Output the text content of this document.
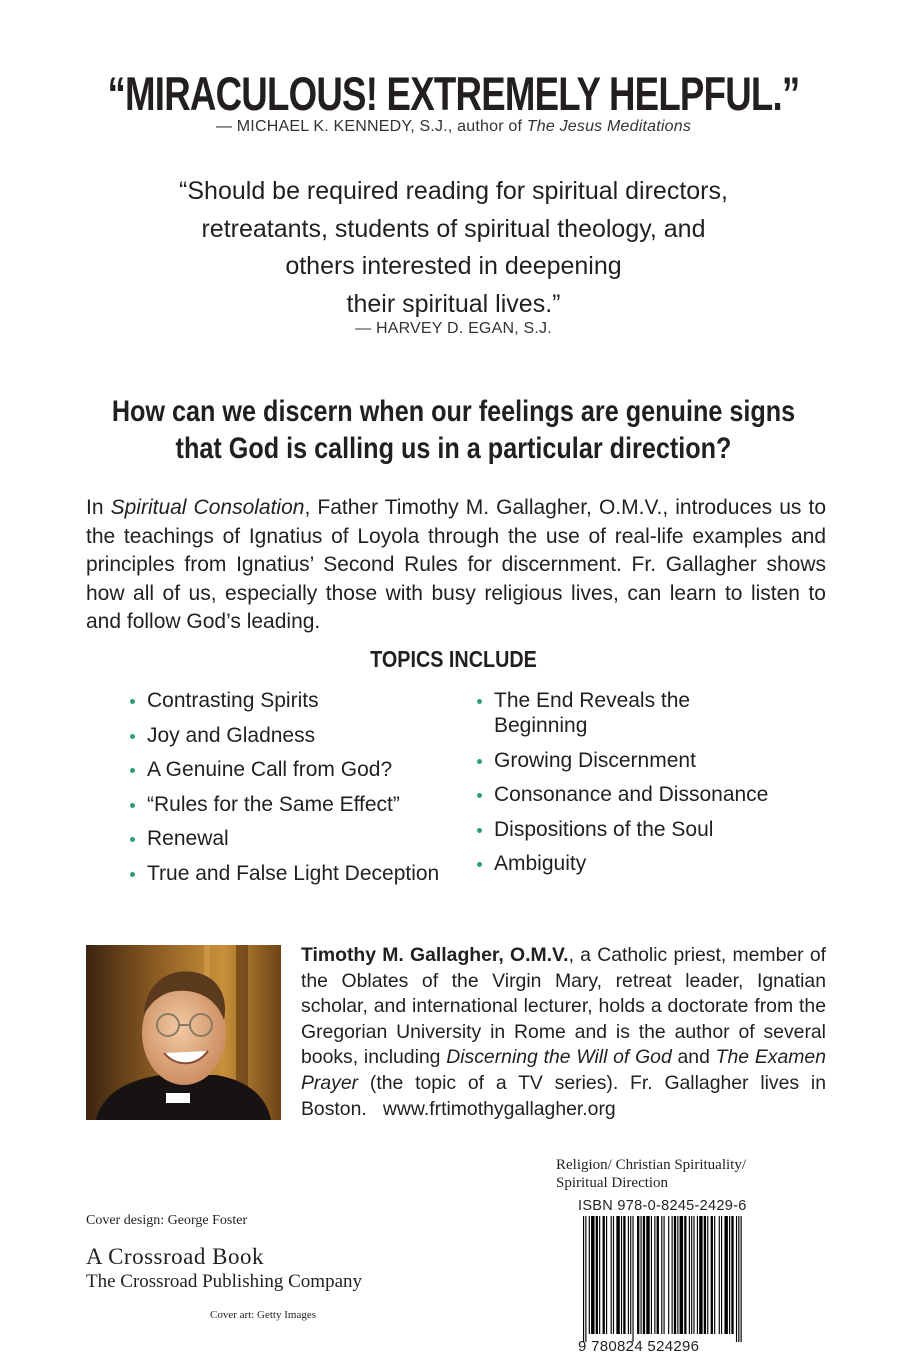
“MIRACULOUS! EXTREMELY HELPFUL.”
— MICHAEL K. KENNEDY, S.J., author of The Jesus Meditations
“Should be required reading for spiritual directors,
retreatants, students of spiritual theology, and
others interested in deepening
their spiritual lives.”
— HARVEY D. EGAN, S.J.
How can we discern when our feelings are genuine signs
that God is calling us in a particular direction?
In Spiritual Consolation, Father Timothy M. Gallagher, O.M.V., introduces us to the teachings of Ignatius of Loyola through the use of real-life examples and principles from Ignatius’ Second Rules for discernment. Fr. Gallagher shows how all of us, especially those with busy religious lives, can learn to listen to and follow God’s leading.
TOPICS INCLUDE
Contrasting Spirits
Joy and Gladness
A Genuine Call from God?
“Rules for the Same Effect”
Renewal
True and False Light Deception
The End Reveals the Beginning
Growing Discernment
Consonance and Dissonance
Dispositions of the Soul
Ambiguity
Timothy M. Gallagher, O.M.V., a Catholic priest, member of the Oblates of the Virgin Mary, retreat leader, Ignatian scholar, and international lecturer, holds a doctorate from the Gregorian University in Rome and is the author of several books, including Discerning the Will of God and The Examen Prayer (the topic of a TV series). Fr. Gallagher lives in Boston.   www.frtimothygallagher.org
Religion/ Christian Spirituality/
Spiritual Direction
ISBN 978-0-8245-2429-6
9 780824 524296
Cover design: George Foster
A Crossroad Book
The Crossroad Publishing Company
Cover art: Getty Images
